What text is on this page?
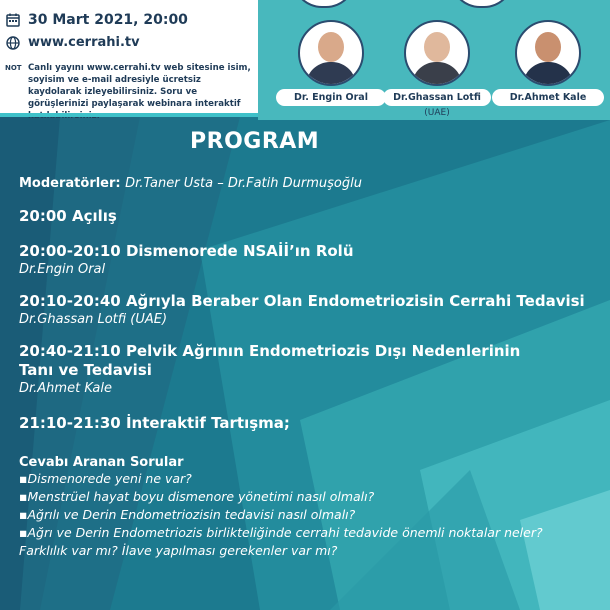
30 Mart 2021, 20:00
www.cerrahi.tv
NOT Canlı yayını www.cerrahi.tv web sitesine isim, soyisim ve e-mail adresiyle ücretsiz kaydolarak izleyebilirsiniz. Soru ve görüşlerinizi paylaşarak webinara interaktif
Dr. Engin Oral	Dr.Ghassan Lotfi
(UAE)
Dr.Ahmet Kale
PROGRAM
Moderatörler: Dr.Taner Usta – Dr.Fatih Durmuşoğlu
20:00 Açılış
20:00-20:10 Dismenorede NSAİİ’ın Rolü
Dr.Engin Oral
20:10-20:40 Ağrıyla Beraber Olan Endometriozisin Cerrahi Tedavisi
Dr.Ghassan Lotfi (UAE)
20:40-21:10 Pelvik Ağrının Endometriozis Dışı Nedenlerinin Tanı ve Tedavisi
Dr.Ahmet Kale
21:10-21:30 İnteraktif Tartışma;
Cevabı Aranan Sorular
▪Dismenorede yeni ne var?
▪Menstrüel hayat boyu dismenore yönetimi nasıl olmalı?
▪Ağrılı ve Derin Endometriozisin tedavisi nasıl olmalı?
▪Ağrı ve Derin Endometriozis birlikteliğinde cerrahi tedavide önemli noktalar neler?
Farklılık var mı? İlave yapılması gerekenler var mı?
